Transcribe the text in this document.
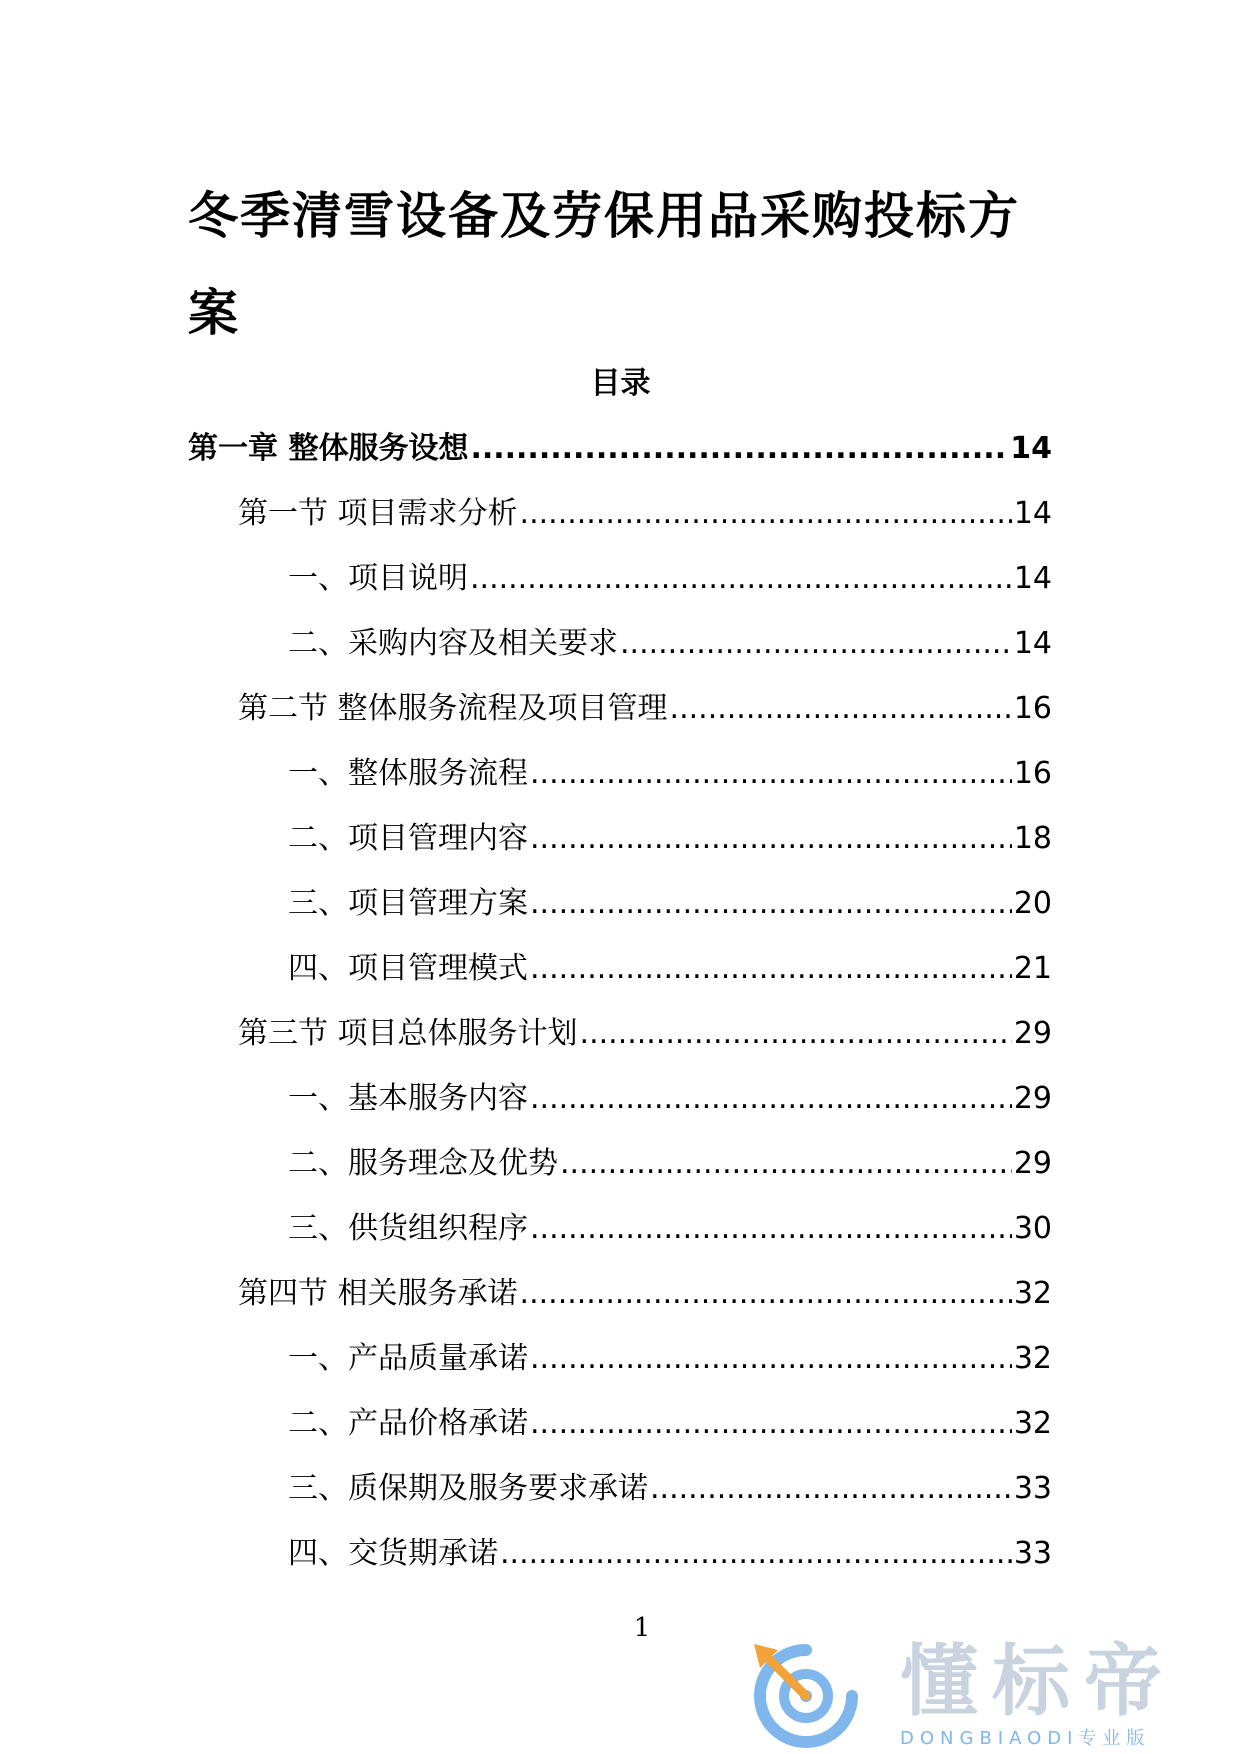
冬季清雪设备及劳保用品采购投标方案
目录
第一章 整体服务设想 .....	14
第一节 项目需求分析 .....	14
一、项目说明 .....	14
二、采购内容及相关要求 .....	14
第二节 整体服务流程及项目管理 .....	16
一、整体服务流程 .....	16
二、项目管理内容 .....	18
三、项目管理方案 .....	20
四、项目管理模式 .....	21
第三节 项目总体服务计划 .....	29
一、基本服务内容 .....	29
二、服务理念及优势 .....	29
三、供货组织程序 .....	30
第四节 相关服务承诺 .....	32
一、产品质量承诺 .....	32
二、产品价格承诺 .....	32
三、质保期及服务要求承诺 .....	33
四、交货期承诺 .....	33
1
懂标帝
DONGBIAODI专业版
